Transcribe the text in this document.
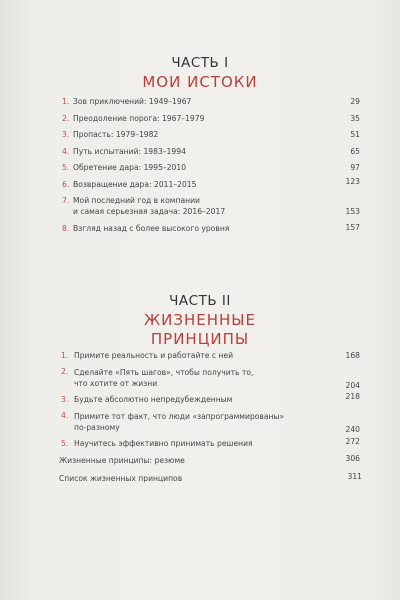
ЧАСТЬ I
МОИ ИСТОКИ
1. Зов приключений: 1949–1967	29
2. Преодоление порога: 1967–1979	35
3. Пропасть: 1979–1982	51
4. Путь испытаний: 1983–1994	65
5. Обретение дара: 1995–2010	97
6. Возвращение дара: 2011–2015	123
7. Мой последний год в компании
и самая серьезная задача: 2016–2017	153
8. Взгляд назад с более высокого уровня	157
ЧАСТЬ II
ЖИЗНЕННЫЕ
ПРИНЦИПЫ
1. Примите реальность и работайте с ней	168
2. Сделайте «Пять шагов», чтобы получить то,
что хотите от жизни	204
3. Будьте абсолютно непредубежденным	218
4. Примите тот факт, что люди «запрограммированы»
по-разному	240
5. Научитесь эффективно принимать решения	272
Жизненные принципы: резюме	306
Список жизненных принципов	311
